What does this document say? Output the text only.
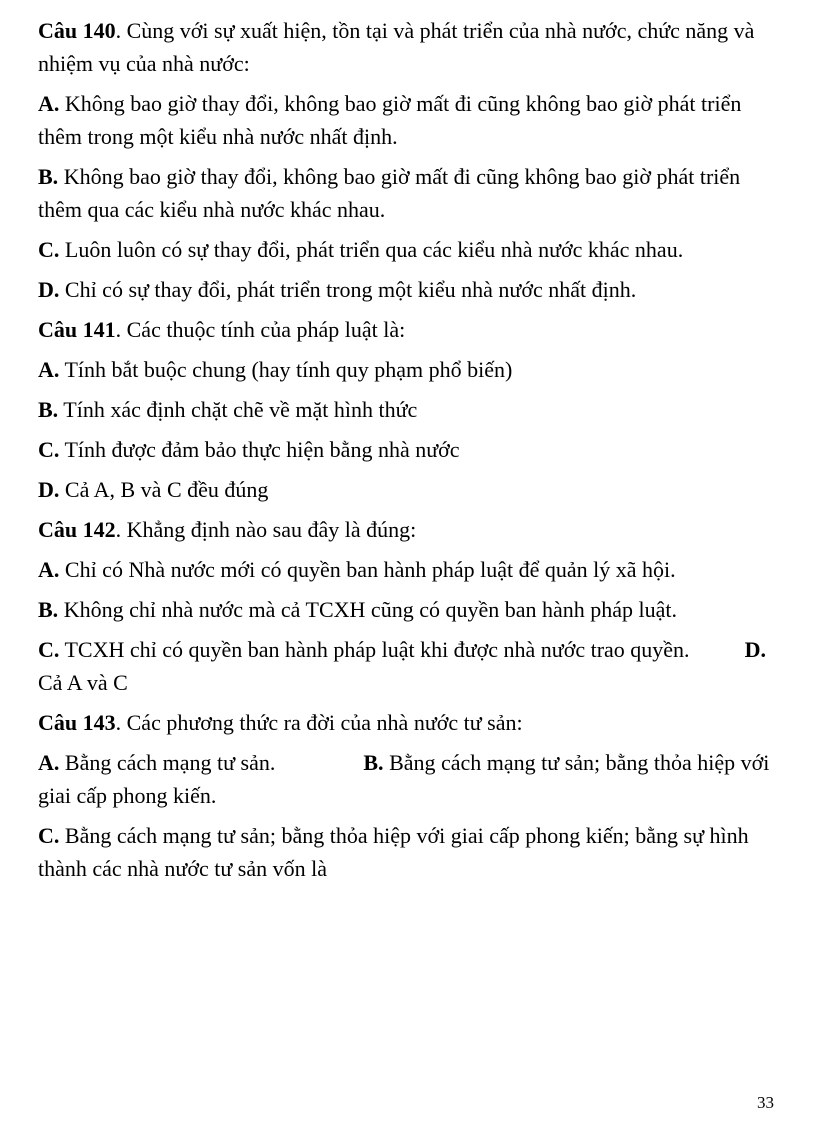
Câu 140. Cùng với sự xuất hiện, tồn tại và phát triển của nhà nước, chức năng và nhiệm vụ của nhà nước:

A. Không bao giờ thay đổi, không bao giờ mất đi cũng không bao giờ phát triển thêm trong một kiểu nhà nước nhất định.

B. Không bao giờ thay đổi, không bao giờ mất đi cũng không bao giờ phát triển thêm qua các kiểu nhà nước khác nhau.

C. Luôn luôn có sự thay đổi, phát triển qua các kiểu nhà nước khác nhau.

D. Chỉ có sự thay đổi, phát triển trong một kiểu nhà nước nhất định.

Câu 141. Các thuộc tính của pháp luật là:

A. Tính bắt buộc chung (hay tính quy phạm phổ biến)

B. Tính xác định chặt chẽ về mặt hình thức

C. Tính được đảm bảo thực hiện bằng nhà nước

D. Cả A, B và C đều đúng

Câu 142. Khẳng định nào sau đây là đúng:

A. Chỉ có Nhà nước mới có quyền ban hành pháp luật để quản lý xã hội.

B. Không chỉ nhà nước mà cả TCXH cũng có quyền ban hành pháp luật.

C. TCXH chỉ có quyền ban hành pháp luật khi được nhà nước trao quyền.          D. Cả A và C

Câu 143. Các phương thức ra đời của nhà nước tư sản:

A. Bằng cách mạng tư sản.                B. Bằng cách mạng tư sản; bằng thỏa hiệp với giai cấp phong kiến.

C. Bằng cách mạng tư sản; bằng thỏa hiệp với giai cấp phong kiến; bằng sự hình thành các nhà nước tư sản vốn là

33
